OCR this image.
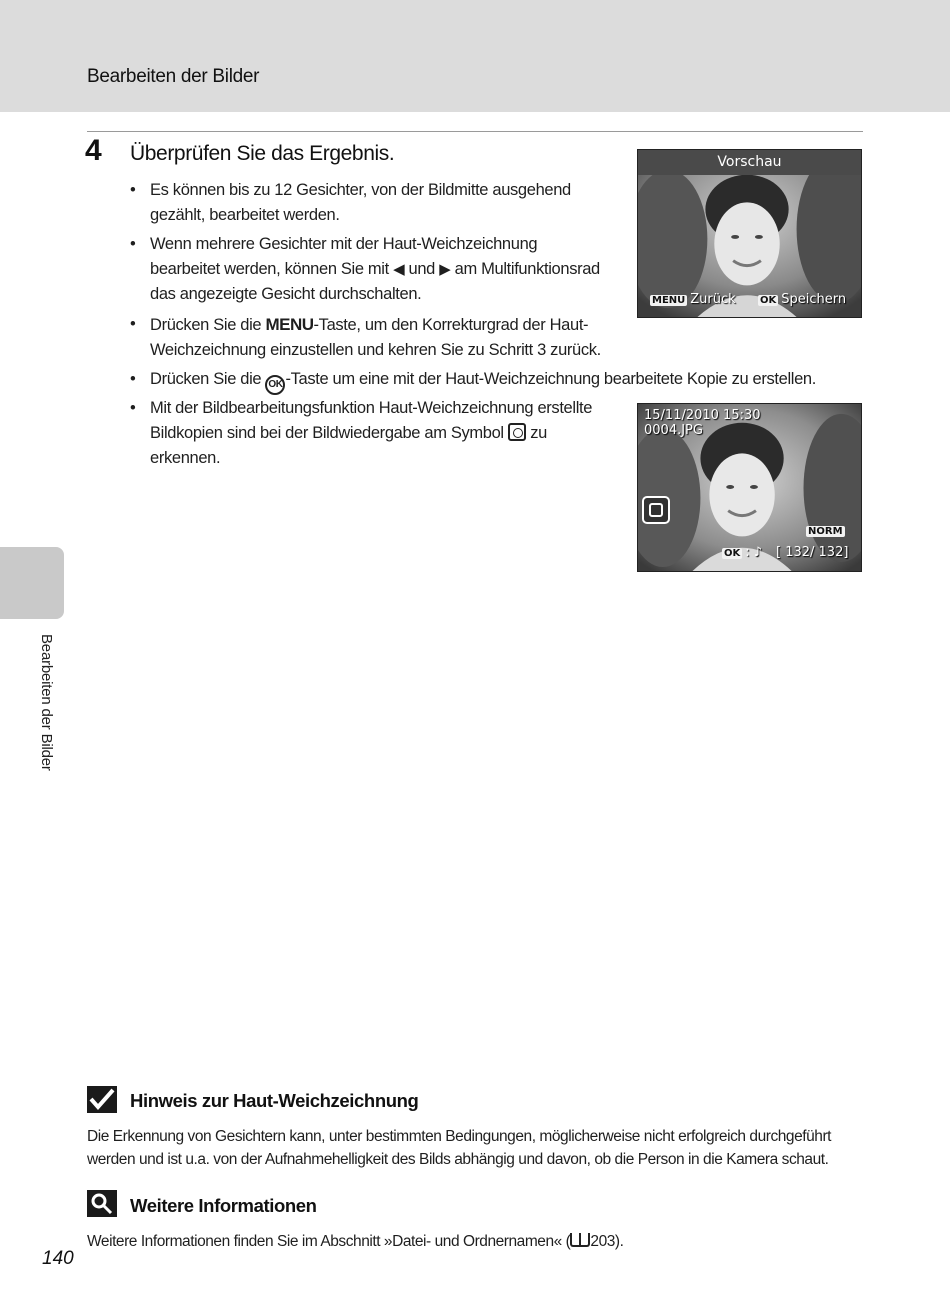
Bearbeiten der Bilder
Bearbeiten der Bilder
4 Überprüfen Sie das Ergebnis.
• Es können bis zu 12 Gesichter, von der Bildmitte ausgehend gezählt, bearbeitet werden.
• Wenn mehrere Gesichter mit der Haut-Weichzeichnung bearbeitet werden, können Sie mit ◀ und ▶ am Multifunktionsrad das angezeigte Gesicht durchschalten.
• Drücken Sie die MENU-Taste, um den Korrekturgrad der Haut-Weichzeichnung einzustellen und kehren Sie zu Schritt 3 zurück.
• Drücken Sie die OK -Taste um eine mit der Haut-Weichzeichnung bearbeitete Kopie zu erstellen.
• Mit der Bildbearbeitungsfunktion Haut-Weichzeichnung erstellte Bildkopien sind bei der Bildwiedergabe am Symbol  zu erkennen.
Vorschau
MENU Zurück OK Speichern
15/11/2010 15:30
0004.JPG
NORM
OK : ♪ [ 132/ 132]
Hinweis zur Haut-Weichzeichnung
Die Erkennung von Gesichtern kann, unter bestimmten Bedingungen, möglicherweise nicht erfolgreich durchgeführt werden und ist u.a. von der Aufnahmehelligkeit des Bilds abhängig und davon, ob die Person in die Kamera schaut.
Weitere Informationen
Weitere Informationen finden Sie im Abschnitt »Datei- und Ordnernamen« ( 203).
140
